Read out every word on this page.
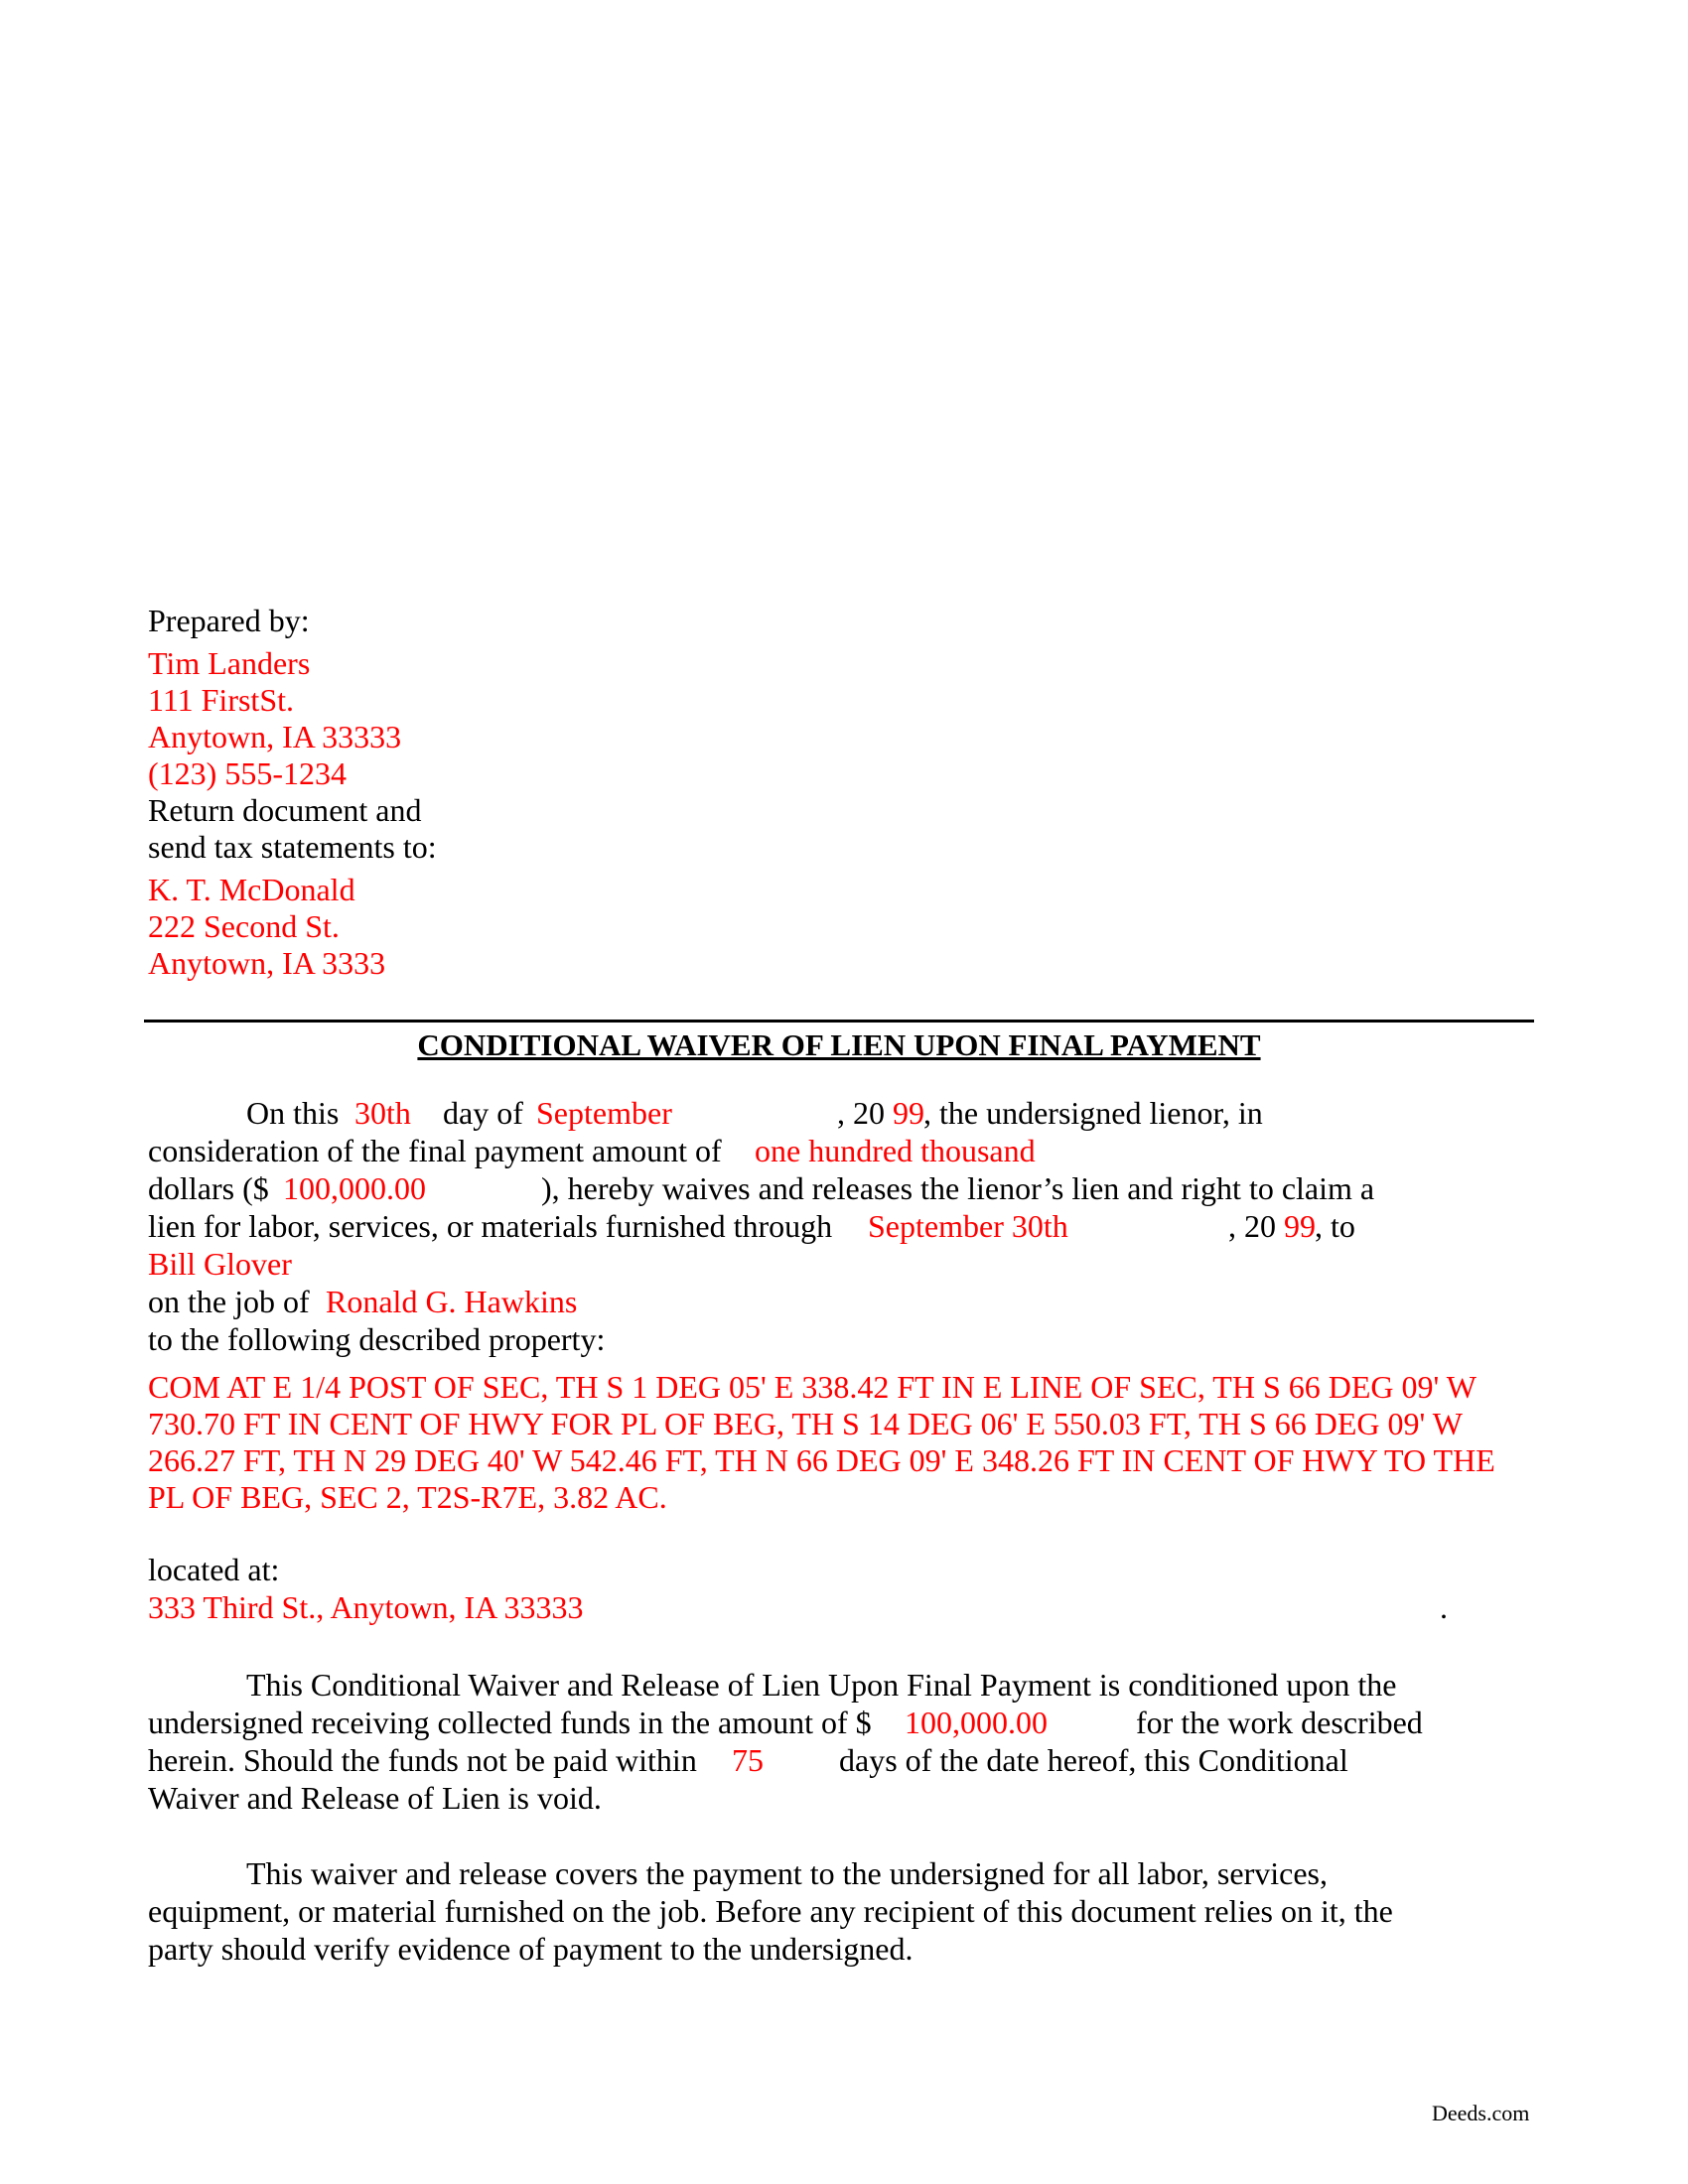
Prepared by:
Tim Landers
111 FirstSt.
Anytown, IA 33333
(123) 555-1234
Return document and
send tax statements to:
K. T. McDonald
222 Second St.
Anytown, IA 3333
CONDITIONAL WAIVER OF LIEN UPON FINAL PAYMENT
On this 30th day of September	, 20 99 , the undersigned lienor, in
consideration of the final payment amount of one hundred thousand
dollars ($ 100,000.00	), hereby waives and releases the lienor’s lien and right to claim a
lien for labor, services, or materials furnished through September 30th	, 20 99 , to
Bill Glover
on the job of Ronald G. Hawkins
to the following described property:
COM AT E 1/4 POST OF SEC, TH S 1 DEG 05' E 338.42 FT IN E LINE OF SEC, TH S 66 DEG 09' W
730.70 FT IN CENT OF HWY FOR PL OF BEG, TH S 14 DEG 06' E 550.03 FT, TH S 66 DEG 09' W
266.27 FT, TH N 29 DEG 40' W 542.46 FT, TH N 66 DEG 09' E 348.26 FT IN CENT OF HWY TO THE
PL OF BEG, SEC 2, T2S-R7E, 3.82 AC.
located at:
333 Third St., Anytown, IA 33333	.
This Conditional Waiver and Release of Lien Upon Final Payment is conditioned upon the
undersigned receiving collected funds in the amount of $ 100,000.00	for the work described
herein. Should the funds not be paid within 75 days of the date hereof, this Conditional
Waiver and Release of Lien is void.
This waiver and release covers the payment to the undersigned for all labor, services,
equipment, or material furnished on the job. Before any recipient of this document relies on it, the
party should verify evidence of payment to the undersigned.
Deeds.com
